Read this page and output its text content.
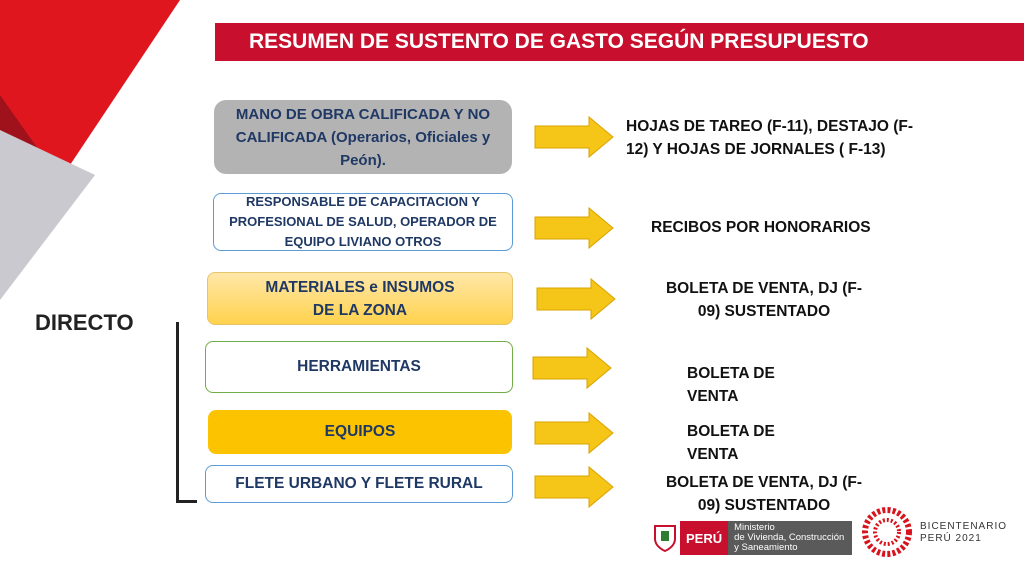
RESUMEN DE SUSTENTO DE GASTO SEGÚN PRESUPUESTO
DIRECTO
MANO DE OBRA CALIFICADA Y NO CALIFICADA (Operarios, Oficiales y Peón).
RESPONSABLE DE CAPACITACION Y PROFESIONAL DE SALUD, OPERADOR DE EQUIPO LIVIANO OTROS
MATERIALES e INSUMOS DE LA ZONA
HERRAMIENTAS
EQUIPOS
FLETE URBANO Y FLETE RURAL
HOJAS DE TAREO (F-11), DESTAJO (F-12) Y HOJAS DE JORNALES ( F-13)
RECIBOS POR HONORARIOS
BOLETA DE VENTA, DJ (F-09) SUSTENTADO
BOLETA DE VENTA
BOLETA DE VENTA
BOLETA DE VENTA, DJ (F-09) SUSTENTADO
PERÚ
Ministerio
de Vivienda, Construcción
y Saneamiento
BICENTENARIO
PERÚ 2021
